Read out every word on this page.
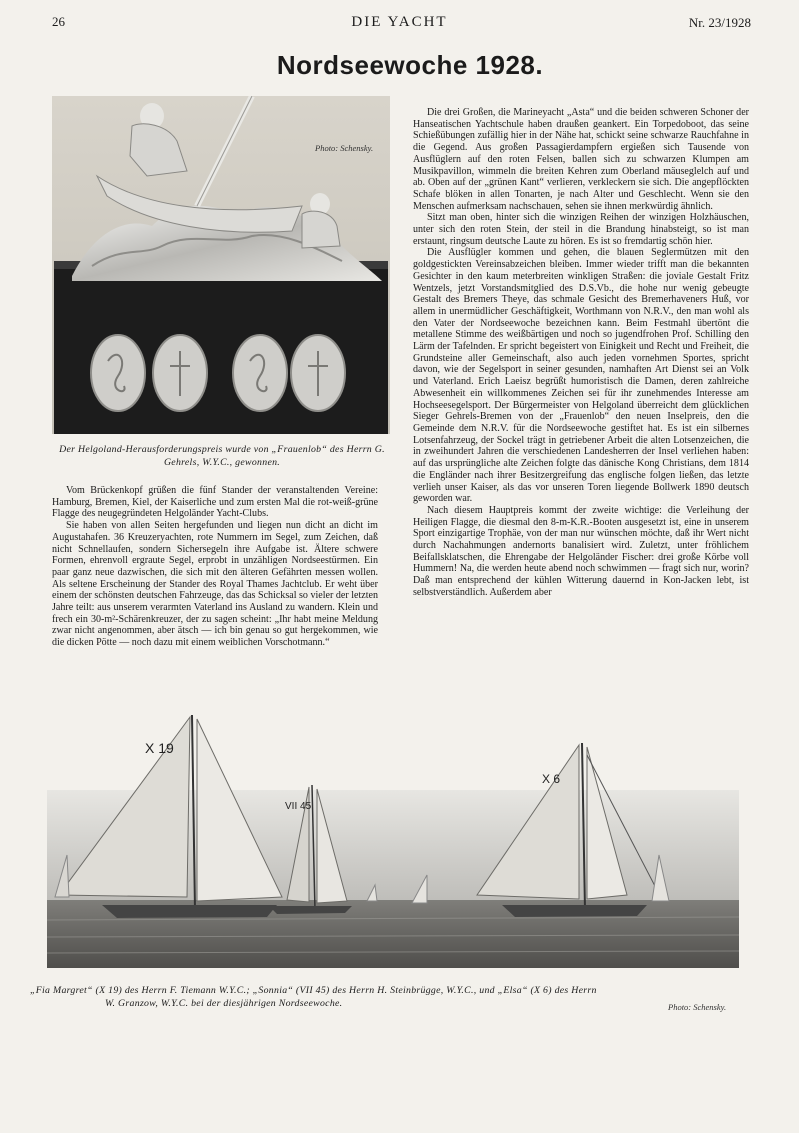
26	DIE YACHT	Nr. 23/1928
Nordseewoche 1928.
Photo: Schensky.
Der Helgoland-Herausforderungspreis wurde von „Frauenlob“ des Herrn G. Gehrels, W.Y.C., gewonnen.

Vom Brückenkopf grüßen die fünf Stander der veranstaltenden Vereine: Hamburg, Bremen, Kiel, der Kaiserliche und zum ersten Mal die rot-weiß-grüne Flagge des neugegründeten Helgoländer Yacht-Clubs.

Sie haben von allen Seiten hergefunden und liegen nun dicht an dicht im Augustahafen. 36 Kreuzeryachten, rote Nummern im Segel, zum Zeichen, daß nicht Schnellaufen, sondern Sichersegeln ihre Aufgabe ist. Ältere schwere Formen, ehrenvoll ergraute Segel, erprobt in unzähligen Nordseestürmen. Ein paar ganz neue dazwischen, die sich mit den älteren Gefährten messen wollen. Als seltene Erscheinung der Stander des Royal Thames Jachtclub. Er weht über einem der schönsten deutschen Fahrzeuge, das das Schicksal so vieler der letzten Jahre teilt: aus unserem verarmten Vaterland ins Ausland zu wandern. Klein und frech ein 30-m²-Schärenkreuzer, der zu sagen scheint: „Ihr habt meine Meldung zwar nicht angenommen, aber ätsch — ich bin genau so gut hergekommen, wie die dicken Pötte — noch dazu mit einem weiblichen Vorschotmann.“

Die drei Großen, die Marineyacht „Asta“ und die beiden schweren Schoner der Hanseatischen Yachtschule haben draußen geankert. Ein Torpedoboot, das seine Schießübungen zufällig hier in der Nähe hat, schickt seine schwarze Rauchfahne in die Gegend. Aus großen Passagierdampfern ergießen sich Tausende von Ausflüglern auf den roten Felsen, ballen sich zu schwarzen Klumpen am Musikpavillon, wimmeln die breiten Kehren zum Oberland mäuseglelch auf und ab. Oben auf der „grünen Kant“ verlieren, verkleckern sie sich. Die angepflöckten Schafe blöken in allen Tonarten, je nach Alter und Geschlecht. Wenn sie den Menschen aufmerksam nachschauen, sehen sie ihnen merkwürdig ähnlich.

Sitzt man oben, hinter sich die winzigen Reihen der winzigen Holzhäuschen, unter sich den roten Stein, der steil in die Brandung hinabsteigt, so ist man erstaunt, ringsum deutsche Laute zu hören. Es ist so fremdartig schön hier.

Die Ausflügler kommen und gehen, die blauen Seglermützen mit den goldgestickten Vereinsabzeichen bleiben. Immer wieder trifft man die bekannten Gesichter in den kaum meterbreiten winkligen Straßen: die joviale Gestalt Fritz Wentzels, jetzt Vorstandsmitglied des D.S.Vb., die hohe nur wenig gebeugte Gestalt des Bremers Theye, das schmale Gesicht des Bremerhaveners Huß, vor allem in unermüdlicher Geschäftigkeit, Worthmann von N.R.V., den man wohl als den Vater der Nordseewoche bezeichnen kann. Beim Festmahl übertönt die metallene Stimme des weißbärtigen und noch so jugendfrohen Prof. Schilling den Lärm der Tafelnden. Er spricht begeistert von Einigkeit und Recht und Freiheit, die Grundsteine aller Gemeinschaft, also auch jeden vornehmen Sportes, spricht davon, wie der Segelsport in seiner gesunden, namhaften Art Dienst sei an Volk und Vaterland. Erich Laeisz begrüßt humoristisch die Damen, deren zahlreiche Abwesenheit ein willkommenes Zeichen sei für ihr zunehmendes Interesse am Hochseesegelsport. Der Bürgermeister von Helgoland überreicht dem glücklichen Sieger Gehrels-Bremen von der „Frauenlob“ den neuen Inselpreis, den die Gemeinde dem N.R.V. für die Nordseewoche gestiftet hat. Es ist ein silbernes Lotsenfahrzeug, der Sockel trägt in getriebener Arbeit die alten Lotsenzeichen, die in zweihundert Jahren die verschiedenen Landesherren der Insel verliehen haben: auf das ursprüngliche alte Zeichen folgte das dänische Kong Christians, dem 1814 die Engländer nach ihrer Besitzergreifung das englische folgen ließen, das letzte verlieh unser Kaiser, als das vor unseren Toren liegende Bollwerk 1890 deutsch geworden war.

Nach diesem Hauptpreis kommt der zweite wichtige: die Verleihung der Heiligen Flagge, die diesmal den 8-m-K.R.-Booten ausgesetzt ist, eine in unserem Sport einzigartige Trophäe, von der man nur wünschen möchte, daß ihr Wert nicht durch Nachahmungen andernorts banalisiert wird. Zuletzt, unter fröhlichem Beifallsklatschen, die Ehrengabe der Helgoländer Fischer: drei große Körbe voll Hummern! Na, die werden heute abend noch schwimmen — fragt sich nur, worin? Daß man entsprechend der kühlen Witterung dauernd in Kon-Jacken lebt, ist selbstverständlich. Außerdem aber

X 19
VII 45
X 6
„Fia Margret“ (X 19) des Herrn F. Tiemann W.Y.C.; „Sonnia“ (VII 45) des Herrn H. Steinbrügge, W.Y.C., und „Elsa“ (X 6) des Herrn
W. Granzow, W.Y.C. bei der diesjährigen Nordseewoche.	Photo: Schensky.
